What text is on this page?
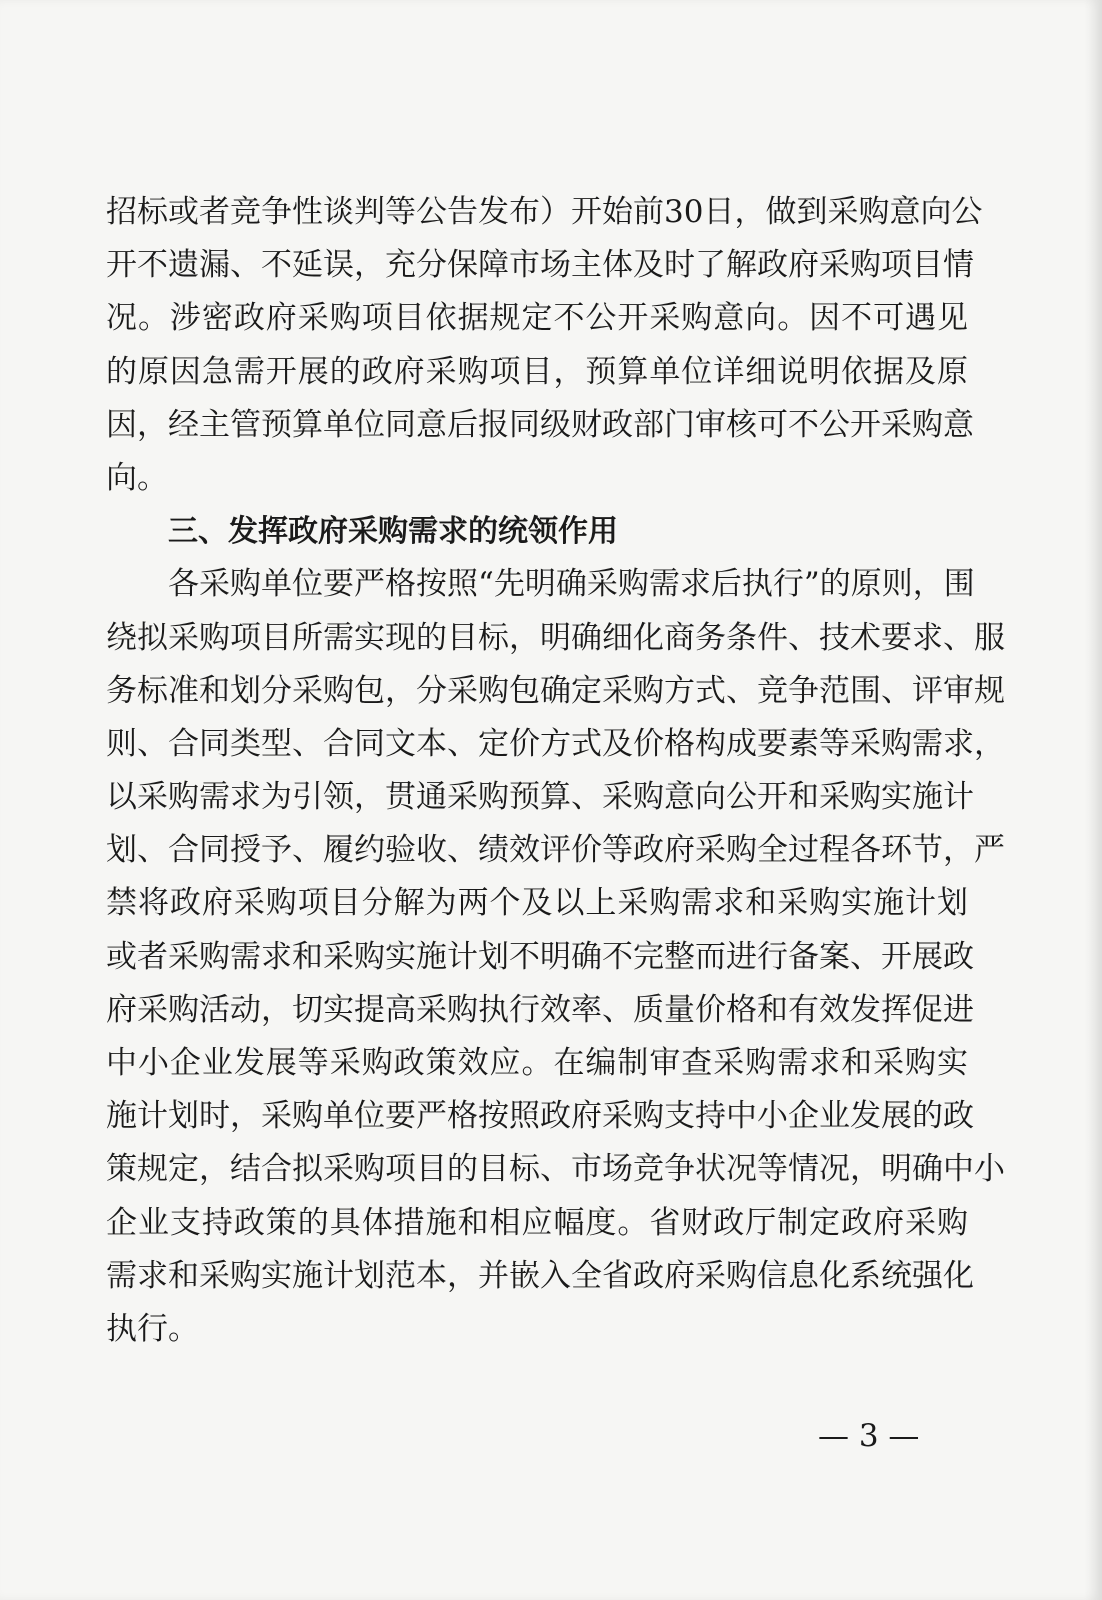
招标或者竞争性谈判等公告发布）开始前30日，做到采购意向公
开不遗漏、不延误，充分保障市场主体及时了解政府采购项目情
况。涉密政府采购项目依据规定不公开采购意向。因不可遇见
的原因急需开展的政府采购项目，预算单位详细说明依据及原
因，经主管预算单位同意后报同级财政部门审核可不公开采购意
向。
三、发挥政府采购需求的统领作用
各采购单位要严格按照“先明确采购需求后执行”的原则，围
绕拟采购项目所需实现的目标，明确细化商务条件、技术要求、服
务标准和划分采购包，分采购包确定采购方式、竞争范围、评审规
则、合同类型、合同文本、定价方式及价格构成要素等采购需求，
以采购需求为引领，贯通采购预算、采购意向公开和采购实施计
划、合同授予、履约验收、绩效评价等政府采购全过程各环节，严
禁将政府采购项目分解为两个及以上采购需求和采购实施计划
或者采购需求和采购实施计划不明确不完整而进行备案、开展政
府采购活动，切实提高采购执行效率、质量价格和有效发挥促进
中小企业发展等采购政策效应。在编制审查采购需求和采购实
施计划时，采购单位要严格按照政府采购支持中小企业发展的政
策规定，结合拟采购项目的目标、市场竞争状况等情况，明确中小
企业支持政策的具体措施和相应幅度。省财政厅制定政府采购
需求和采购实施计划范本，并嵌入全省政府采购信息化系统强化
执行。
— 3 —
